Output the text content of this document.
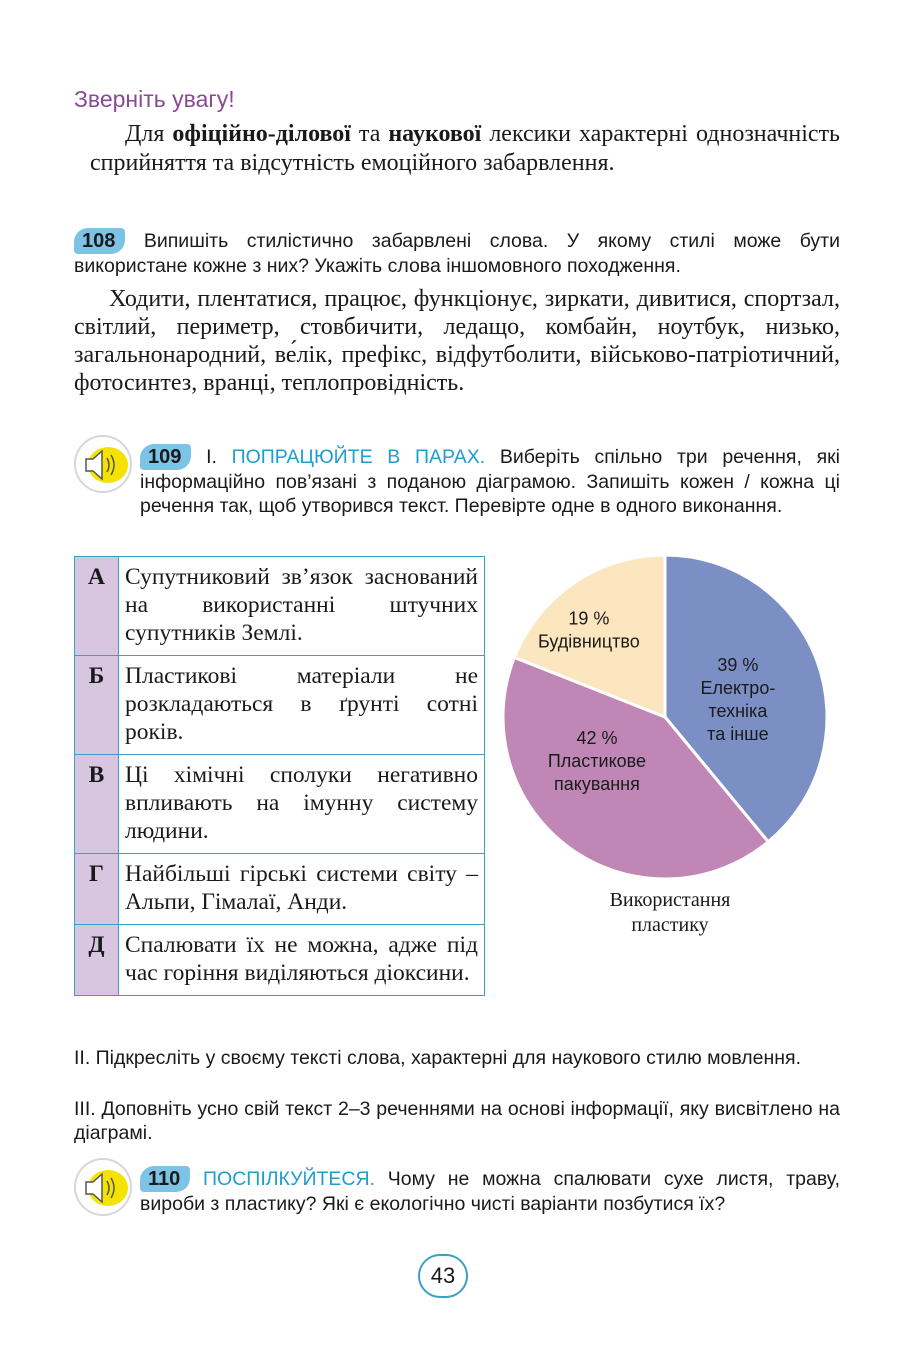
Зверніть увагу!
Для офіційно-ділової та наукової лексики характерні однозначність сприйняття та відсутність емоційного забарвлення.
108 Випишіть стилістично забарвлені слова. У якому стилі може бути використане кожне з них? Укажіть слова іншомовного походження.
Ходити, плентатися, працює, функціонує, зиркати, дивитися, спортзал, світлий, периметр, стовбичити, ледащо, комбайн, ноутбук, низько, загальнонародний, ве́лік, префікс, відфутболити, військово-патріотичний, фотосинтез, вранці, теплопровідність.
109 І. ПОПРАЦЮЙТЕ В ПАРАХ. Виберіть спільно три речення, які інформаційно пов’язані з поданою діаграмою. Запишіть кожен / кожна ці речення так, щоб утворився текст. Перевірте одне в одного виконання.
А	Супутниковий зв’язок заснований на використанні штучних супутників Землі.
Б	Пластикові матеріали не розкладаються в ґрунті сотні років.
В	Ці хімічні сполуки негативно впливають на імунну систему людини.
Г	Найбільші гірські системи світу – Альпи, Гімалаї, Анди.
Д	Спалювати їх не можна, адже під час горіння виділяються діоксини.
39 %
Електро-
техніка
та інше
42 %
Пластикове
пакування
19 %
Будівництво
Використання пластику
ІІ. Підкресліть у своєму тексті слова, характерні для наукового стилю мовлення.
ІІІ. Доповніть усно свій текст 2–3 реченнями на основі інформації, яку висвітлено на діаграмі.
110 ПОСПІЛКУЙТЕСЯ. Чому не можна спалювати сухе листя, траву, вироби з пластику? Які є екологічно чисті варіанти позбутися їх?
43
